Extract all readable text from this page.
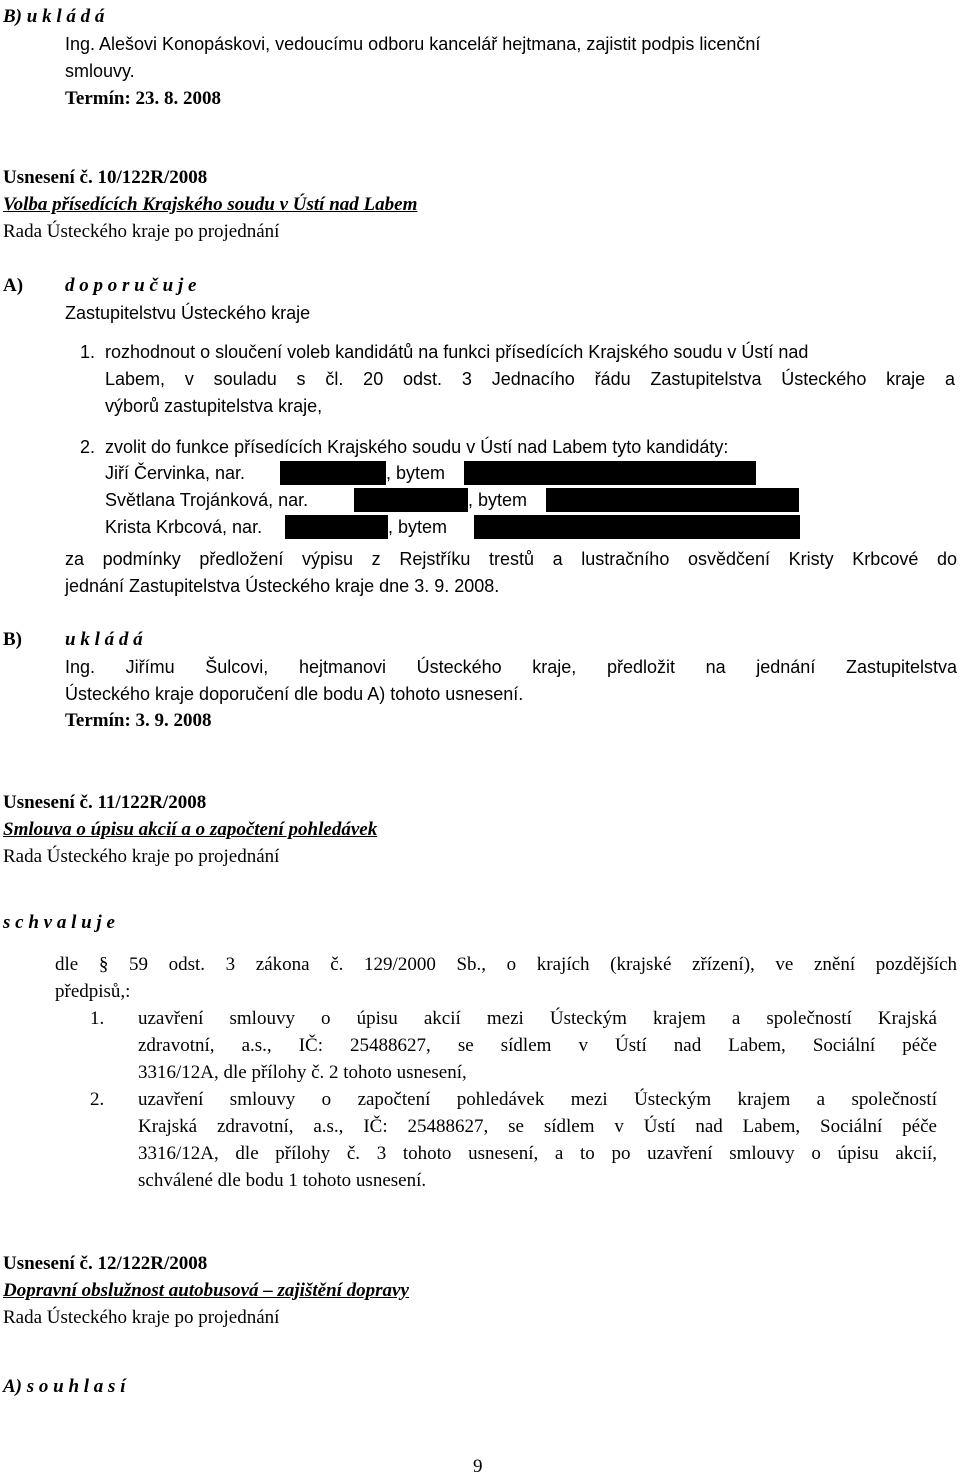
B) u k l á d á
Ing. Alešovi Konopáskovi, vedoucímu odboru kancelář hejtmana, zajistit podpis licenční
smlouvy.
Termín: 23. 8. 2008
Usnesení č. 10/122R/2008
Volba přísedících Krajského soudu v Ústí nad Labem
Rada Ústeckého kraje po projednání
A) d o p o r u č u j e
Zastupitelstvu Ústeckého kraje
1. rozhodnout o sloučení voleb kandidátů na funkci přísedících Krajského soudu v Ústí nad
Labem, v souladu s čl. 20 odst. 3 Jednacího řádu Zastupitelstva Ústeckého kraje a
výborů zastupitelstva kraje,
2. zvolit do funkce přísedících Krajského soudu v Ústí nad Labem tyto kandidáty:
Jiří Červinka, nar.	, bytem
Světlana Trojánková, nar.	, bytem
Krista Krbcová, nar.	, bytem
za podmínky předložení výpisu z Rejstříku trestů a lustračního osvědčení Kristy Krbcové do
jednání Zastupitelstva Ústeckého kraje dne 3. 9. 2008.
B) u k l á d á
Ing. Jiřímu Šulcovi, hejtmanovi Ústeckého kraje, předložit na jednání Zastupitelstva
Ústeckého kraje doporučení dle bodu A) tohoto usnesení.
Termín: 3. 9. 2008
Usnesení č. 11/122R/2008
Smlouva o úpisu akcií a o započtení pohledávek
Rada Ústeckého kraje po projednání
s c h v a l u j e
dle § 59 odst. 3 zákona č. 129/2000 Sb., o krajích (krajské zřízení), ve znění pozdějších
předpisů,:
1. uzavření smlouvy o úpisu akcií mezi Ústeckým krajem a společností Krajská
zdravotní, a.s., IČ: 25488627, se sídlem v Ústí nad Labem, Sociální péče
3316/12A, dle přílohy č. 2 tohoto usnesení,
2. uzavření smlouvy o započtení pohledávek mezi Ústeckým krajem a společností
Krajská zdravotní, a.s., IČ: 25488627, se sídlem v Ústí nad Labem, Sociální péče
3316/12A, dle přílohy č. 3 tohoto usnesení, a to po uzavření smlouvy o úpisu akcií,
schválené dle bodu 1 tohoto usnesení.
Usnesení č. 12/122R/2008
Dopravní obslužnost autobusová – zajištění dopravy
Rada Ústeckého kraje po projednání
A) s o u h l a s í
9
